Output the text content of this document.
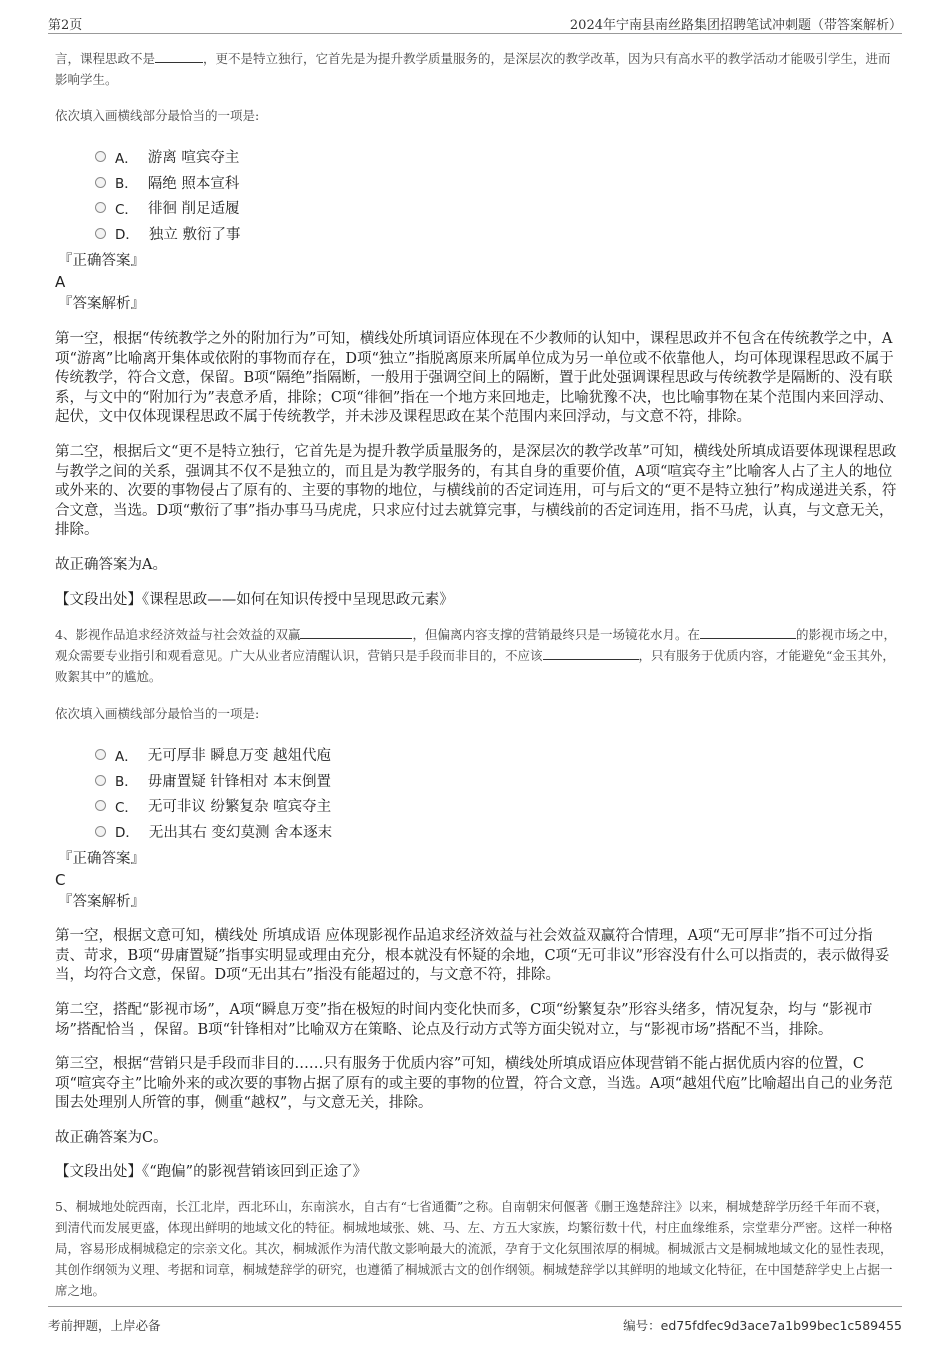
第2页	2024年宁南县南丝路集团招聘笔试冲刺题（带答案解析）

言，课程思政不是	，更不是特立独行，它首先是为提升教学质量服务的，是深层次的教学改革，因为只有高水平的教学活动才能吸引学生，进而影响学生。
依次填入画横线部分最恰当的一项是:
A． 游离 喧宾夺主
B． 隔绝 照本宣科
C． 徘徊 削足适履
D． 独立 敷衍了事
『正确答案』
A
『答案解析』
第一空，根据“传统教学之外的附加行为”可知，横线处所填词语应体现在不少教师的认知中，课程思政并不包含在传统教学之中，A项“游离”比喻离开集体或依附的事物而存在，D项“独立”指脱离原来所属单位成为另一单位或不依靠他人，均可体现课程思政不属于传统教学，符合文意，保留。B项“隔绝”指隔断，一般用于强调空间上的隔断，置于此处强调课程思政与传统教学是隔断的、没有联系，与文中的“附加行为”表意矛盾，排除；C项“徘徊”指在一个地方来回地走，比喻犹豫不决，也比喻事物在某个范围内来回浮动、起伏，文中仅体现课程思政不属于传统教学，并未涉及课程思政在某个范围内来回浮动，与文意不符，排除。
第二空，根据后文“更不是特立独行，它首先是为提升教学质量服务的，是深层次的教学改革”可知，横线处所填成语要体现课程思政与教学之间的关系，强调其不仅不是独立的，而且是为教学服务的，有其自身的重要价值，A项“喧宾夺主”比喻客人占了主人的地位或外来的、次要的事物侵占了原有的、主要的事物的地位，与横线前的否定词连用，可与后文的“更不是特立独行”构成递进关系，符合文意，当选。D项“敷衍了事”指办事马马虎虎，只求应付过去就算完事，与横线前的否定词连用，指不马虎，认真，与文意无关，排除。
故正确答案为A。
【文段出处】《课程思政——如何在知识传授中呈现思政元素》
4、影视作品追求经济效益与社会效益的双赢	，但偏离内容支撑的营销最终只是一场镜花水月。在	的影视市场之中，观众需要专业指引和观看意见。广大从业者应清醒认识，营销只是手段而非目的，不应该	，只有服务于优质内容，才能避免“金玉其外，败絮其中”的尴尬。
依次填入画横线部分最恰当的一项是:
A． 无可厚非 瞬息万变 越俎代庖
B． 毋庸置疑 针锋相对 本末倒置
C． 无可非议 纷繁复杂 喧宾夺主
D． 无出其右 变幻莫测 舍本逐末
『正确答案』
C
『答案解析』
第一空，根据文意可知，横线处 所填成语 应体现影视作品追求经济效益与社会效益双赢符合情理，A项“无可厚非”指不可过分指责、苛求，B项“毋庸置疑”指事实明显或理由充分，根本就没有怀疑的余地，C项“无可非议”形容没有什么可以指责的，表示做得妥当，均符合文意，保留。D项“无出其右”指没有能超过的，与文意不符，排除。
第二空，搭配“影视市场”，A项“瞬息万变”指在极短的时间内变化快而多，C项“纷繁复杂”形容头绪多，情况复杂，均与 “影视市场”搭配恰当 ，保留。B项“针锋相对”比喻双方在策略、论点及行动方式等方面尖锐对立，与“影视市场”搭配不当，排除。
第三空，根据“营销只是手段而非目的……只有服务于优质内容”可知，横线处所填成语应体现营销不能占据优质内容的位置，C项“喧宾夺主”比喻外来的或次要的事物占据了原有的或主要的事物的位置，符合文意，当选。A项“越俎代庖”比喻超出自己的业务范围去处理别人所管的事，侧重“越权”，与文意无关，排除。
故正确答案为C。
【文段出处】《“跑偏”的影视营销该回到正途了》
5、桐城地处皖西南，长江北岸，西北环山，东南滨水，自古有“七省通衢”之称。自南朝宋何偃著《删王逸楚辞注》以来，桐城楚辞学历经千年而不衰，到清代而发展更盛，体现出鲜明的地域文化的特征。桐城地域张、姚、马、左、方五大家族，均繁衍数十代，村庄血缘维系，宗堂辈分严密。这样一种格局，容易形成桐城稳定的宗亲文化。其次，桐城派作为清代散文影响最大的流派，孕育于文化氛围浓厚的桐城。桐城派古文是桐城地域文化的显性表现，其创作纲领为义理、考据和词章，桐城楚辞学的研究，也遵循了桐城派古文的创作纲领。桐城楚辞学以其鲜明的地域文化特征，在中国楚辞学史上占据一席之地。
考前押题，上岸必备	编号：ed75fdfec9d3ace7a1b99bec1c589455
